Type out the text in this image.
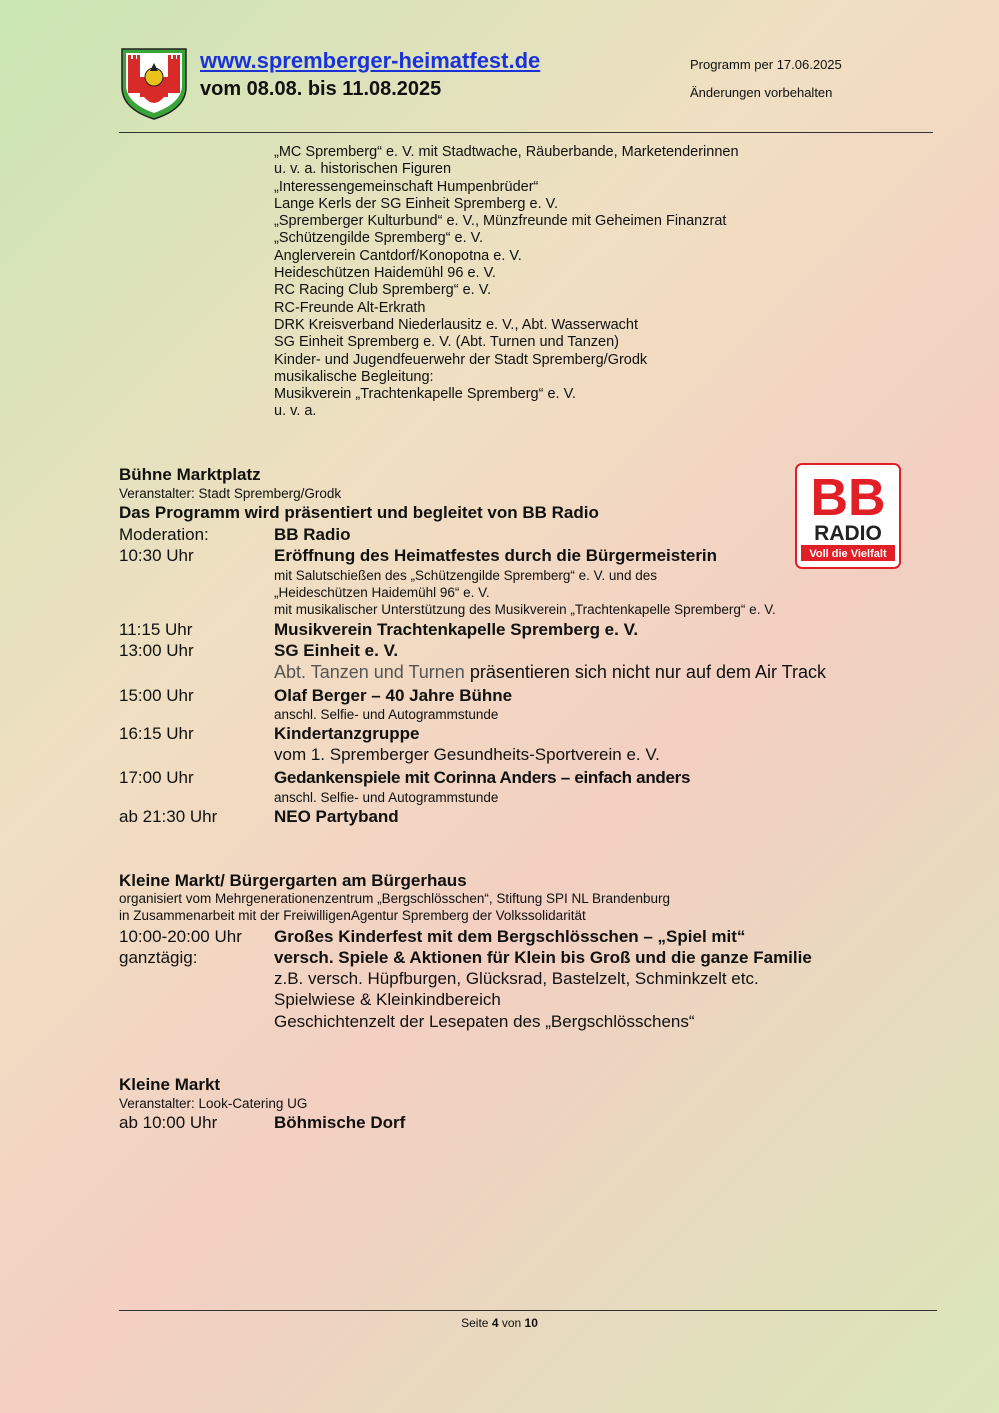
www.spremberger-heimatfest.de
vom 08.08. bis 11.08.2025
Programm per 17.06.2025
Änderungen vorbehalten
„MC Spremberg“ e. V. mit Stadtwache, Räuberbande, Marketenderinnen
u. v. a. historischen Figuren
„Interessengemeinschaft Humpenbrüder“
Lange Kerls der SG Einheit Spremberg e. V.
„Spremberger Kulturbund“ e. V., Münzfreunde mit Geheimen Finanzrat
„Schützengilde Spremberg“ e. V.
Anglerverein Cantdorf/Konopotna e. V.
Heideschützen Haidemühl 96 e. V.
RC Racing Club Spremberg“ e. V.
RC-Freunde Alt-Erkrath
DRK Kreisverband Niederlausitz e. V., Abt. Wasserwacht
SG Einheit Spremberg e. V. (Abt. Turnen und Tanzen)
Kinder- und Jugendfeuerwehr der Stadt Spremberg/Grodk
musikalische Begleitung:
Musikverein „Trachtenkapelle Spremberg“ e. V.
u. v. a.
Bühne Marktplatz
Veranstalter: Stadt Spremberg/Grodk
Das Programm wird präsentiert und begleitet von BB Radio
Moderation:	BB Radio
BB
RADIO
Voll die Vielfalt
10:30 Uhr	Eröffnung des Heimatfestes durch die Bürgermeisterin
mit Salutschießen des „Schützengilde Spremberg“ e. V. und des
„Heideschützen Haidemühl 96“ e. V.
mit musikalischer Unterstützung des Musikverein „Trachtenkapelle Spremberg“ e. V.
11:15 Uhr	Musikverein Trachtenkapelle Spremberg e. V.
13:00 Uhr	SG Einheit e. V.
Abt. Tanzen und Turnen präsentieren sich nicht nur auf dem Air Track
15:00 Uhr	Olaf Berger – 40 Jahre Bühne
anschl. Selfie- und Autogrammstunde
16:15 Uhr	Kindertanzgruppe
vom 1. Spremberger Gesundheits-Sportverein e. V.
17:00 Uhr	Gedankenspiele mit Corinna Anders – einfach anders
anschl. Selfie- und Autogrammstunde
ab 21:30 Uhr	NEO Partyband
Kleine Markt/ Bürgergarten am Bürgerhaus
organisiert vom Mehrgenerationenzentrum „Bergschlösschen“, Stiftung SPI NL Brandenburg
in Zusammenarbeit mit der FreiwilligenAgentur Spremberg der Volkssolidarität
10:00-20:00 Uhr Großes Kinderfest mit dem Bergschlösschen – „Spiel mit“
ganztägig:	versch. Spiele & Aktionen für Klein bis Groß und die ganze Familie
z.B. versch. Hüpfburgen, Glücksrad, Bastelzelt, Schminkzelt etc.
Spielwiese & Kleinkindbereich
Geschichtenzelt der Lesepaten des „Bergschlösschens“
Kleine Markt
Veranstalter: Look-Catering UG
ab 10:00 Uhr	Böhmische Dorf
Seite 4 von 10
